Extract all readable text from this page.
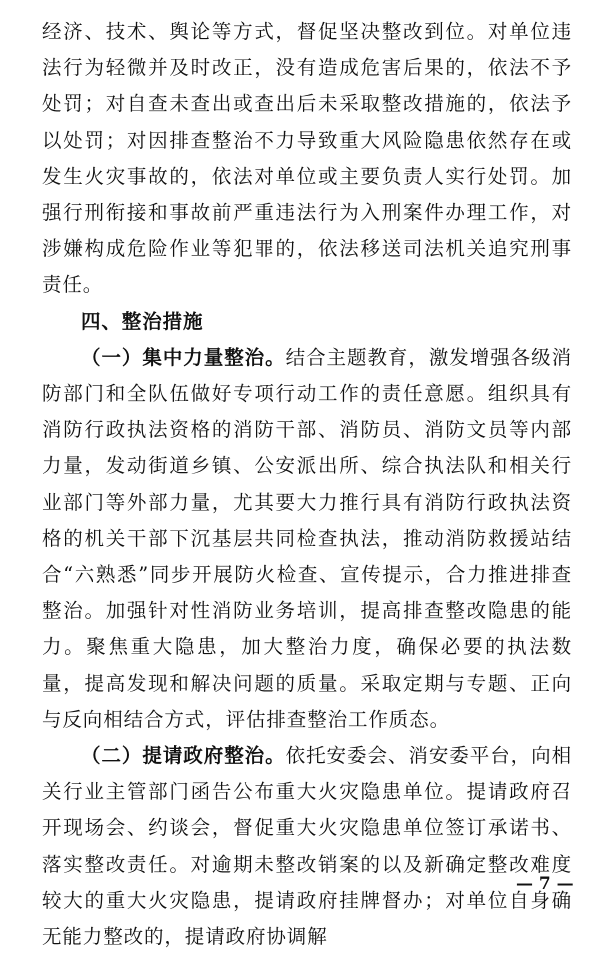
经济、技术、舆论等方式，督促坚决整改到位。对单位违法行为轻微并及时改正，没有造成危害后果的，依法不予处罚；对自查未查出或查出后未采取整改措施的，依法予以处罚；对因排查整治不力导致重大风险隐患依然存在或发生火灾事故的，依法对单位或主要负责人实行处罚。加强行刑衔接和事故前严重违法行为入刑案件办理工作，对涉嫌构成危险作业等犯罪的，依法移送司法机关追究刑事责任。

四、整治措施

（一）集中力量整治。结合主题教育，激发增强各级消防部门和全队伍做好专项行动工作的责任意愿。组织具有消防行政执法资格的消防干部、消防员、消防文员等内部力量，发动街道乡镇、公安派出所、综合执法队和相关行业部门等外部力量，尤其要大力推行具有消防行政执法资格的机关干部下沉基层共同检查执法，推动消防救援站结合“六熟悉”同步开展防火检查、宣传提示，合力推进排查整治。加强针对性消防业务培训，提高排查整改隐患的能力。聚焦重大隐患，加大整治力度，确保必要的执法数量，提高发现和解决问题的质量。采取定期与专题、正向与反向相结合方式，评估排查整治工作质态。

（二）提请政府整治。依托安委会、消安委平台，向相关行业主管部门函告公布重大火灾隐患单位。提请政府召开现场会、约谈会，督促重大火灾隐患单位签订承诺书、落实整改责任。对逾期未整改销案的以及新确定整改难度较大的重大火灾隐患，提请政府挂牌督办；对单位自身确无能力整改的，提请政府协调解

— 7 —
